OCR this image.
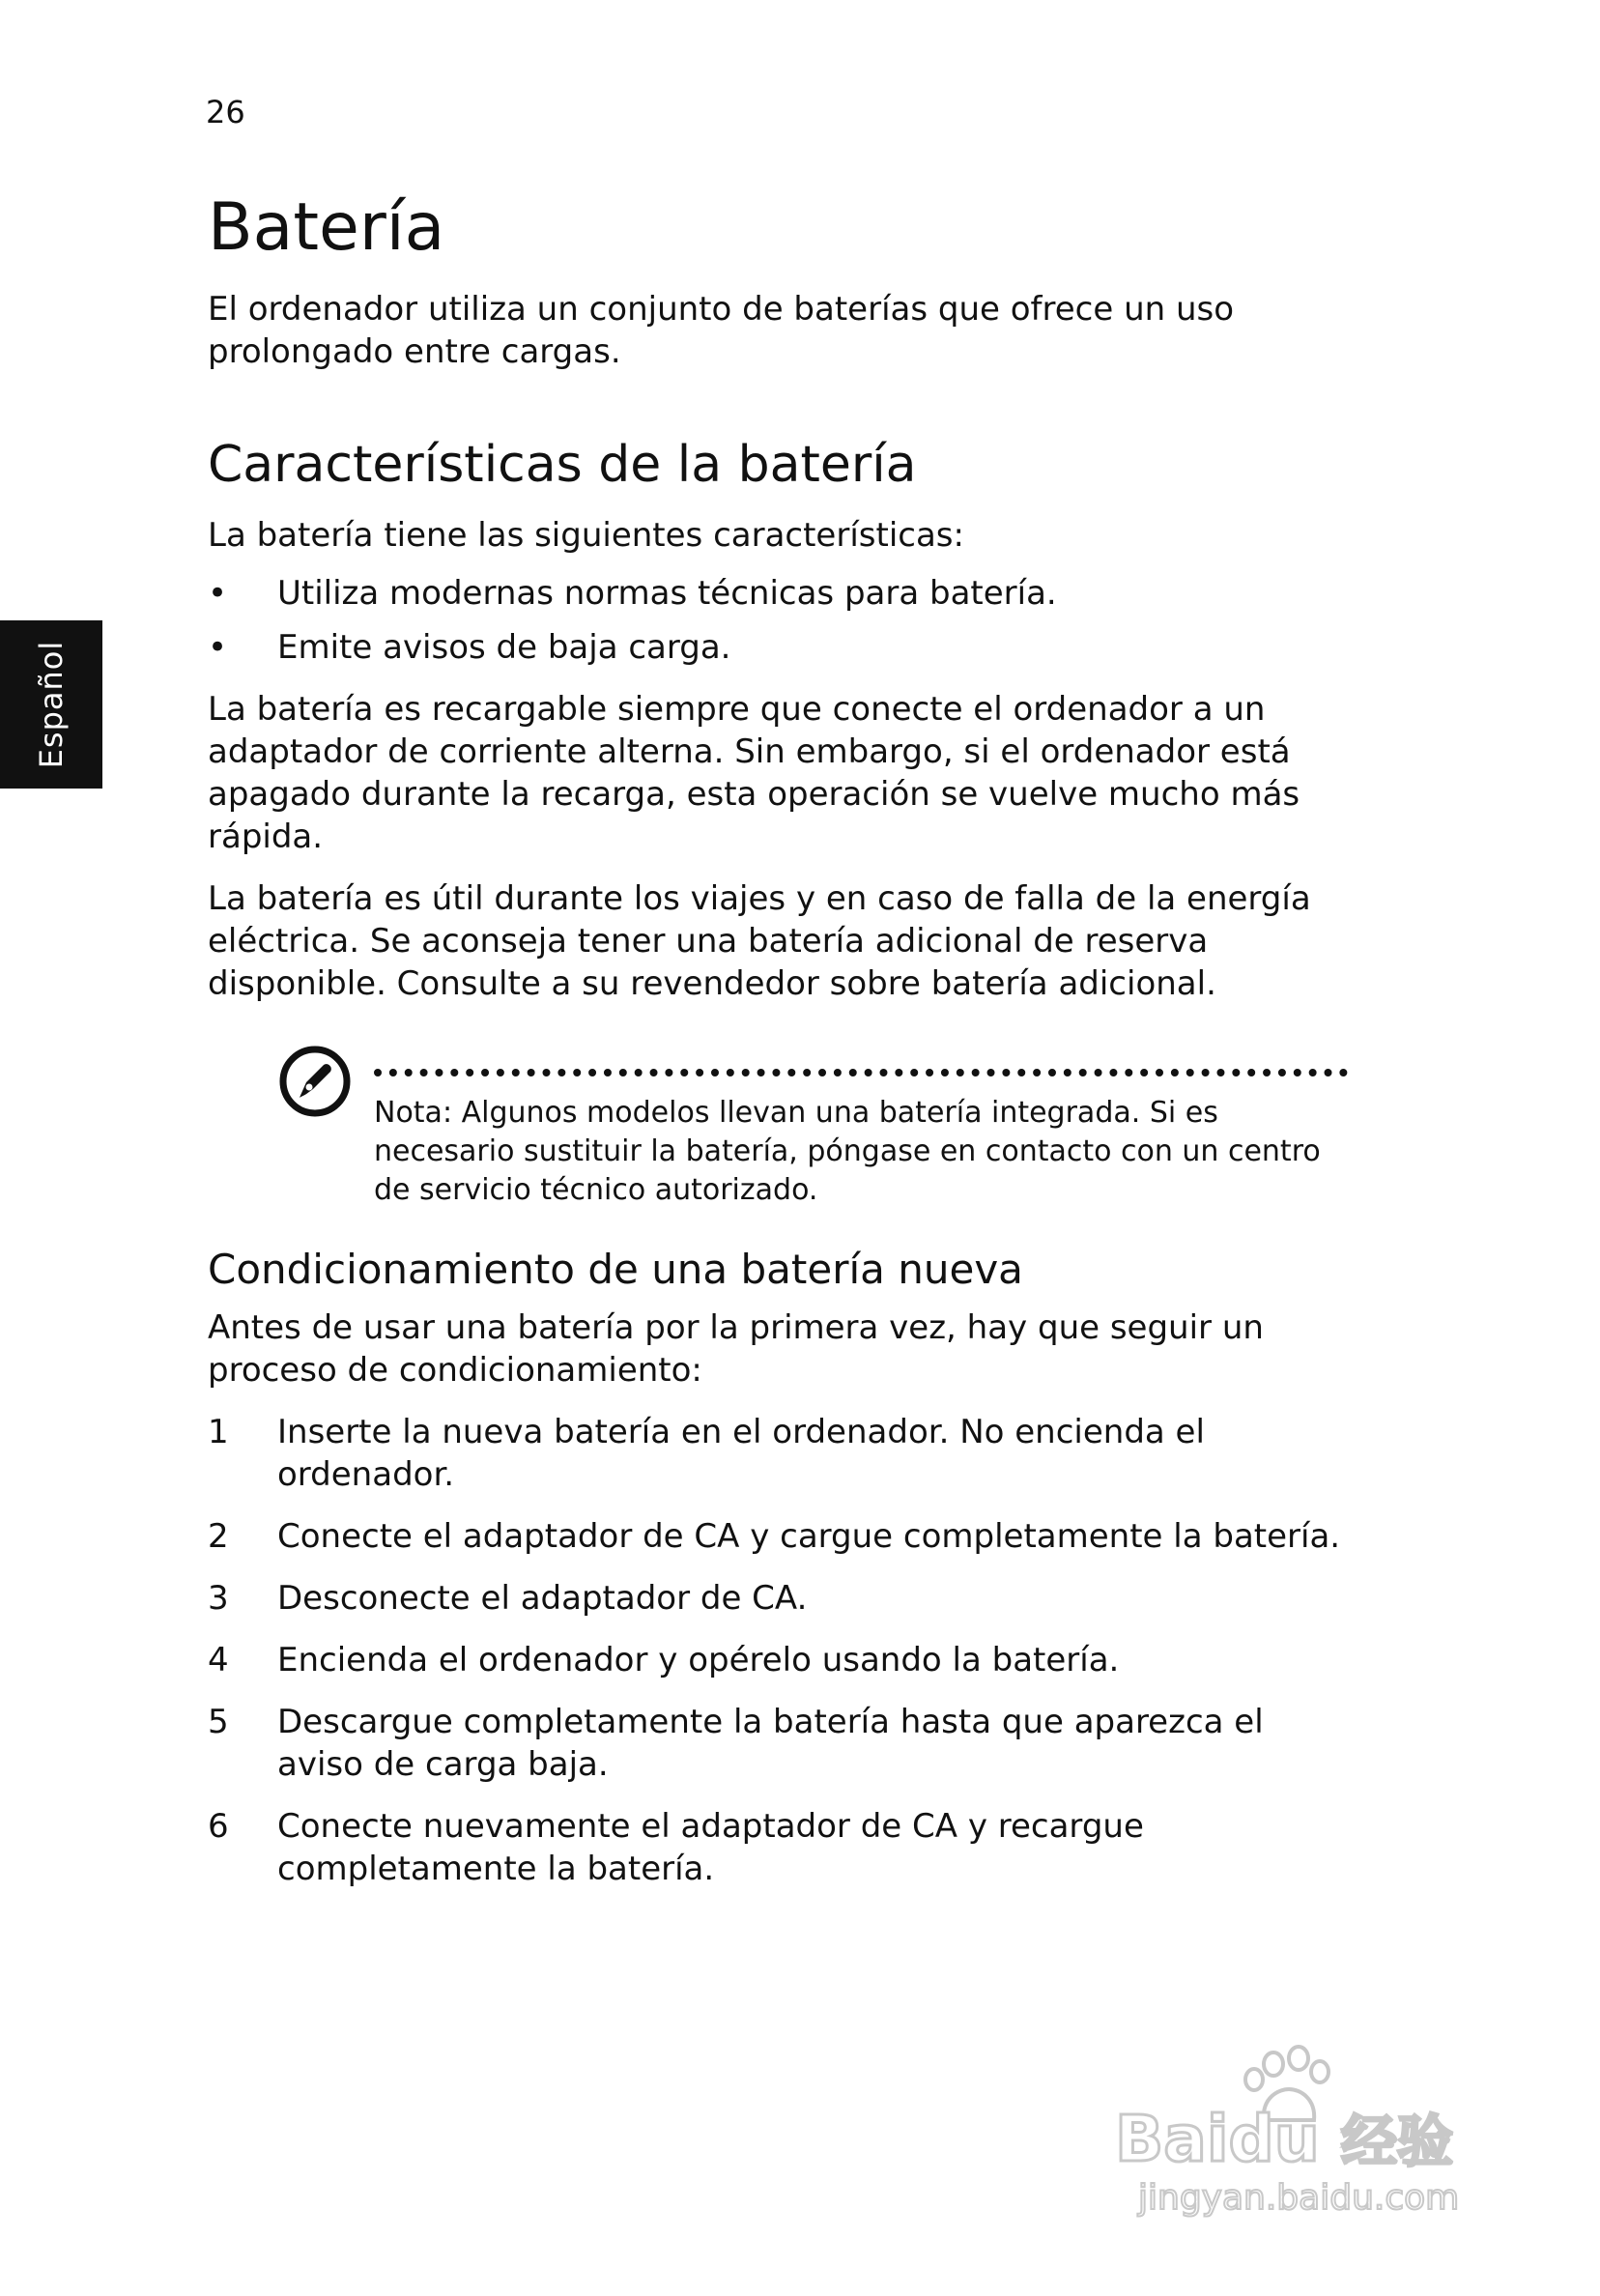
26
Español
Batería

El ordenador utiliza un conjunto de baterías que ofrece un uso prolongado entre cargas.

Características de la batería

La batería tiene las siguientes características:

• Utiliza modernas normas técnicas para batería.
• Emite avisos de baja carga.

La batería es recargable siempre que conecte el ordenador a un adaptador de corriente alterna. Sin embargo, si el ordenador está apagado durante la recarga, esta operación se vuelve mucho más rápida.

La batería es útil durante los viajes y en caso de falla de la energía eléctrica. Se aconseja tener una batería adicional de reserva disponible. Consulte a su revendedor sobre batería adicional.

Nota: Algunos modelos llevan una batería integrada. Si es necesario sustituir la batería, póngase en contacto con un centro de servicio técnico autorizado.
Condicionamiento de una batería nueva

Antes de usar una batería por la primera vez, hay que seguir un proceso de condicionamiento:

1 Inserte la nueva batería en el ordenador. No encienda el ordenador.
2 Conecte el adaptador de CA y cargue completamente la batería.
3 Desconecte el adaptador de CA.
4 Encienda el ordenador y opérelo usando la batería.
5 Descargue completamente la batería hasta que aparezca el aviso de carga baja.
6 Conecte nuevamente el adaptador de CA y recargue completamente la batería.
Baidu 经验
jingyan.baidu.com
